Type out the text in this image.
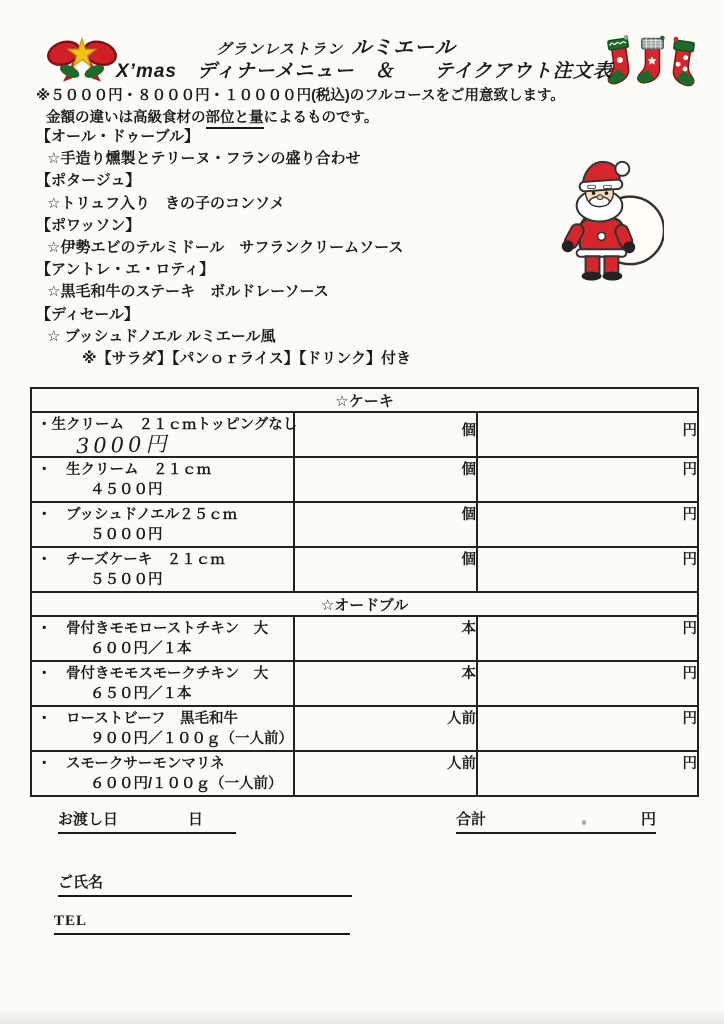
グランレストラン ルミエール
X’mas　ディナーメニュー　＆　　テイクアウト注文表
※５０００円・８０００円・１００００円(税込)のフルコースをご用意致します。
金額の違いは高級食材の部位と量によるものです。
【オール・ドゥーブル】
☆手造り燻製とテリーヌ・フランの盛り合わせ
【ポタージュ】
☆トリュフ入り　きの子のコンソメ
【ポワッソン】
☆伊勢エビのテルミドール　サフランクリームソース
【アントレ・エ・ロティ】
☆黒毛和牛のステーキ　ボルドレーソース
【ディセール】
☆ ブッシュドノエル ルミエール風
※【サラダ】【パンｏｒライス】【ドリンク】付き
☆ケーキ		

・生クリーム　２１ｃｍトッピングなし
3000円	個	円

・　生クリーム　２１ｃｍ
４５００円	個	円

・　ブッシュドノエル２５ｃｍ
５０００円	個	円

・　チーズケーキ　２１ｃｍ
５５００円	個	円
☆オードブル		

・　骨付きモモローストチキン　大
６００円／１本	本	円

・　骨付きモモスモークチキン　大
６５０円／１本	本	円

・　ローストビーフ　黒毛和牛
９００円／１００ｇ（一人前）	人前	円

・　スモークサーモンマリネ
６００円/１００ｇ（一人前）	人前	円
お渡し日	日	合計	円
ご氏名
TEL
